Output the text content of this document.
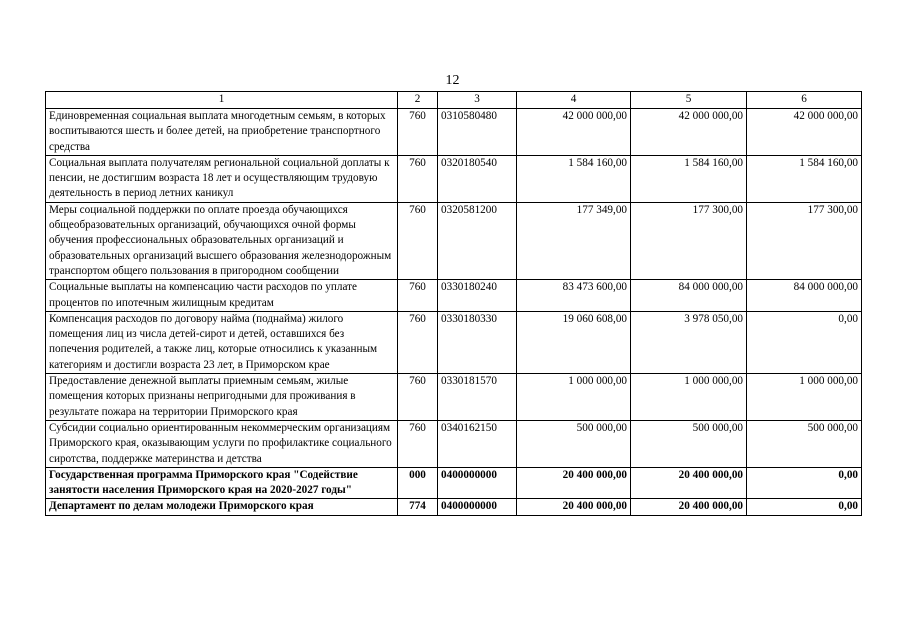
12
1	2	3	4	5	6
Единовременная социальная выплата многодетным семьям, в которых воспитываются шесть и более детей, на приобретение транспортного средства	760	0310580480	42 000 000,00	42 000 000,00	42 000 000,00
Социальная выплата получателям региональной социальной доплаты к пенсии, не достигшим возраста 18 лет и осуществляющим трудовую деятельность в период летних каникул	760	0320180540	1 584 160,00	1 584 160,00	1 584 160,00
Меры социальной поддержки по оплате проезда обучающихся общеобразовательных организаций, обучающихся очной формы обучения профессиональных образовательных организаций и образовательных организаций высшего образования железнодорожным транспортом общего пользования в пригородном сообщении	760	0320581200	177 349,00	177 300,00	177 300,00
Социальные выплаты на компенсацию части расходов по уплате процентов по ипотечным жилищным кредитам	760	0330180240	83 473 600,00	84 000 000,00	84 000 000,00
Компенсация расходов по договору найма (поднайма) жилого помещения лиц из числа детей-сирот и детей, оставшихся без попечения родителей, а также лиц, которые относились к указанным категориям и достигли возраста 23 лет, в Приморском крае	760	0330180330	19 060 608,00	3 978 050,00	0,00
Предоставление денежной выплаты приемным семьям, жилые помещения которых признаны непригодными для проживания в результате пожара на территории Приморского края	760	0330181570	1 000 000,00	1 000 000,00	1 000 000,00
Субсидии социально ориентированным некоммерческим организациям Приморского края, оказывающим услуги по профилактике социального сиротства, поддержке материнства и детства	760	0340162150	500 000,00	500 000,00	500 000,00
Государственная программа Приморского края "Содействие занятости населения Приморского края на 2020-2027 годы"	000	0400000000	20 400 000,00	20 400 000,00	0,00
Департамент по делам молодежи Приморского края	774	0400000000	20 400 000,00	20 400 000,00	0,00
